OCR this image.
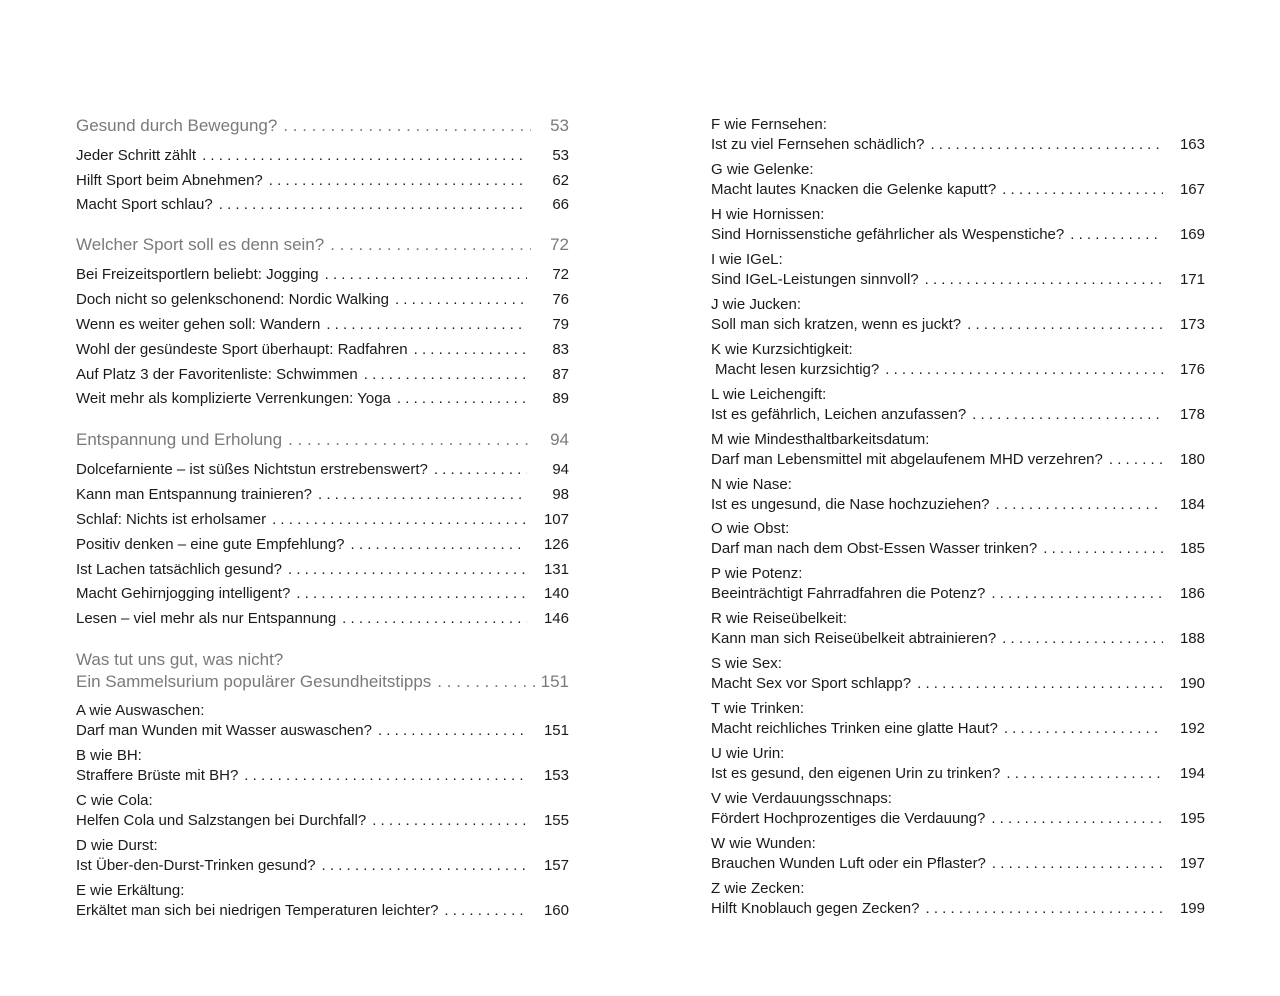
Gesund durch Bewegung? . . .	53
Jeder Schritt zählt . . .	53
Hilft Sport beim Abnehmen? . . .	62
Macht Sport schlau? . . .	66
Welcher Sport soll es denn sein? . . .	72
Bei Freizeitsportlern beliebt: Jogging . . .	72
Doch nicht so gelenkschonend: Nordic Walking . . .	76
Wenn es weiter gehen soll: Wandern . . .	79
Wohl der gesündeste Sport überhaupt: Radfahren . . .	83
Auf Platz 3 der Favoritenliste: Schwimmen . . .	87
Weit mehr als komplizierte Verrenkungen: Yoga . . .	89
Entspannung und Erholung . . .	94
Dolcefarniente – ist süßes Nichtstun erstrebenswert? . . .	94
Kann man Entspannung trainieren? . . .	98
Schlaf: Nichts ist erholsamer . . .	107
Positiv denken – eine gute Empfehlung? . . .	126
Ist Lachen tatsächlich gesund? . . .	131
Macht Gehirnjogging intelligent? . . .	140
Lesen – viel mehr als nur Entspannung . . .	146
Was tut uns gut, was nicht?
Ein Sammelsurium populärer Gesundheitstipps . . .	151
A wie Auswaschen:
Darf man Wunden mit Wasser auswaschen? . . .	151
B wie BH:
Straffere Brüste mit BH? . . .	153
C wie Cola:
Helfen Cola und Salzstangen bei Durchfall? . . .	155
D wie Durst:
Ist Über-den-Durst-Trinken gesund? . . .	157
E wie Erkältung:
Erkältet man sich bei niedrigen Temperaturen leichter? . . .	160
F wie Fernsehen:
Ist zu viel Fernsehen schädlich? . . .	163
G wie Gelenke:
Macht lautes Knacken die Gelenke kaputt? . . .	167
H wie Hornissen:
Sind Hornissenstiche gefährlicher als Wespenstiche? . . .	169
I wie IGeL:
Sind IGeL-Leistungen sinnvoll? . . .	171
J wie Jucken:
Soll man sich kratzen, wenn es juckt? . . .	173
K wie Kurzsichtigkeit:
Macht lesen kurzsichtig? . . .	176
L wie Leichengift:
Ist es gefährlich, Leichen anzufassen? . . .	178
M wie Mindesthaltbarkeitsdatum:
Darf man Lebensmittel mit abgelaufenem MHD verzehren? . . .	180
N wie Nase:
Ist es ungesund, die Nase hochzuziehen? . . .	184
O wie Obst:
Darf man nach dem Obst-Essen Wasser trinken? . . .	185
P wie Potenz:
Beeinträchtigt Fahrradfahren die Potenz? . . .	186
R wie Reiseübelkeit:
Kann man sich Reiseübelkeit abtrainieren? . . .	188
S wie Sex:
Macht Sex vor Sport schlapp? . . .	190
T wie Trinken:
Macht reichliches Trinken eine glatte Haut? . . .	192
U wie Urin:
Ist es gesund, den eigenen Urin zu trinken? . . .	194
V wie Verdauungsschnaps:
Fördert Hochprozentiges die Verdauung? . . .	195
W wie Wunden:
Brauchen Wunden Luft oder ein Pflaster? . . .	197
Z wie Zecken:
Hilft Knoblauch gegen Zecken? . . .	199
